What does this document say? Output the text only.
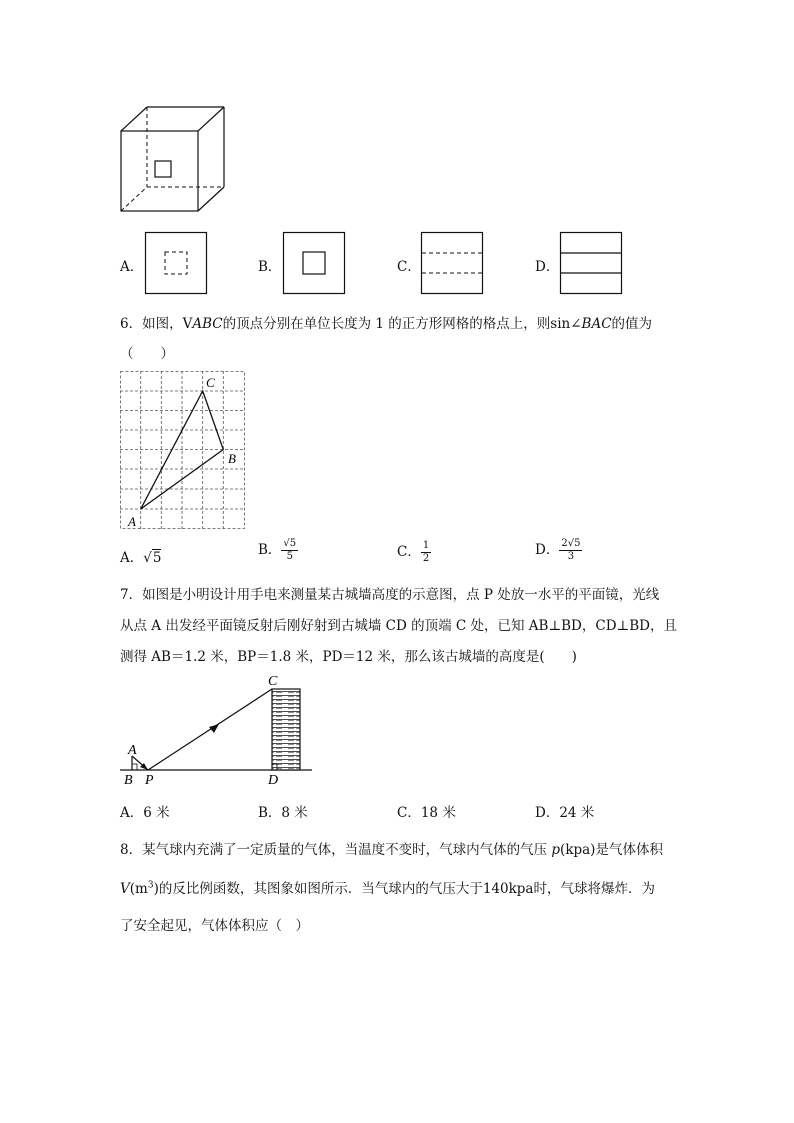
A．	B．	C．	D．
6．如图，VABC的顶点分别在单位长度为 1 的正方形网格的格点上，则sin∠BAC的值为
（　　）
A
C
B
A．√5	B． $\frac{√5}{5}$	C． $\frac{1}{2}$	D． $\frac{2√5}{3}$
7．如图是小明设计用手电来测量某古城墙高度的示意图，点 P 处放一水平的平面镜，光线
从点 A 出发经平面镜反射后刚好射到古城墙 CD 的顶端 C 处，已知 AB⊥BD，CD⊥BD，且
测得 AB＝1.2 米，BP＝1.8 米，PD＝12 米，那么该古城墙的高度是(　　)
A
B P
C
D
A．6 米	B．8 米	C．18 米	D．24 米
8．某气球内充满了一定质量的气体，当温度不变时，气球内气体的气压 p(kpa)是气体体积
$V(m^3)$的反比例函数，其图象如图所示．当气球内的气压大于140kpa时，气球将爆炸．为
了安全起见，气体体积应（　）
